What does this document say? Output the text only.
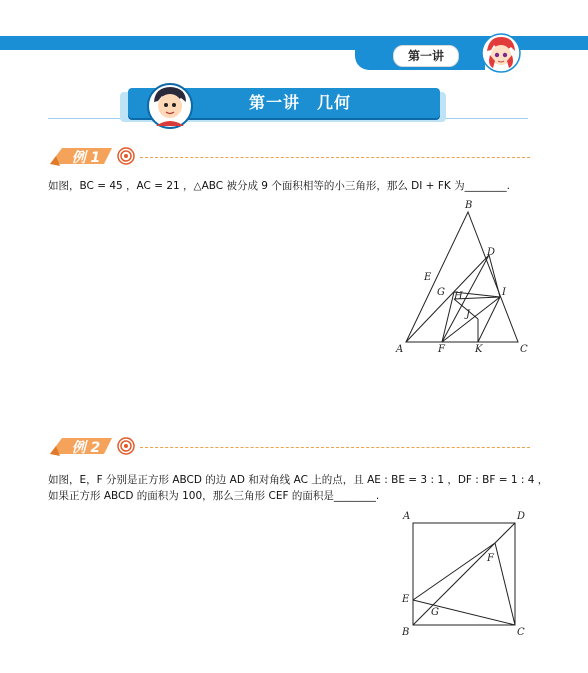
第一讲
第一讲　几何
例 1
如图，BC = 45 ，AC = 21 ，△ABC 被分成 9 个面积相等的小三角形，那么 DI + FK 为________.
B
A	C
D
E
F
G H	I
J
K
例 2
如图，E，F 分别是正方形 ABCD 的边 AD 和对角线 AC 上的点，且 AE : BE = 3 : 1 ，DF : BF = 1 : 4 ，
如果正方形 ABCD 的面积为 100，那么三角形 CEF 的面积是________.
A	D
B	C
E
F
G
